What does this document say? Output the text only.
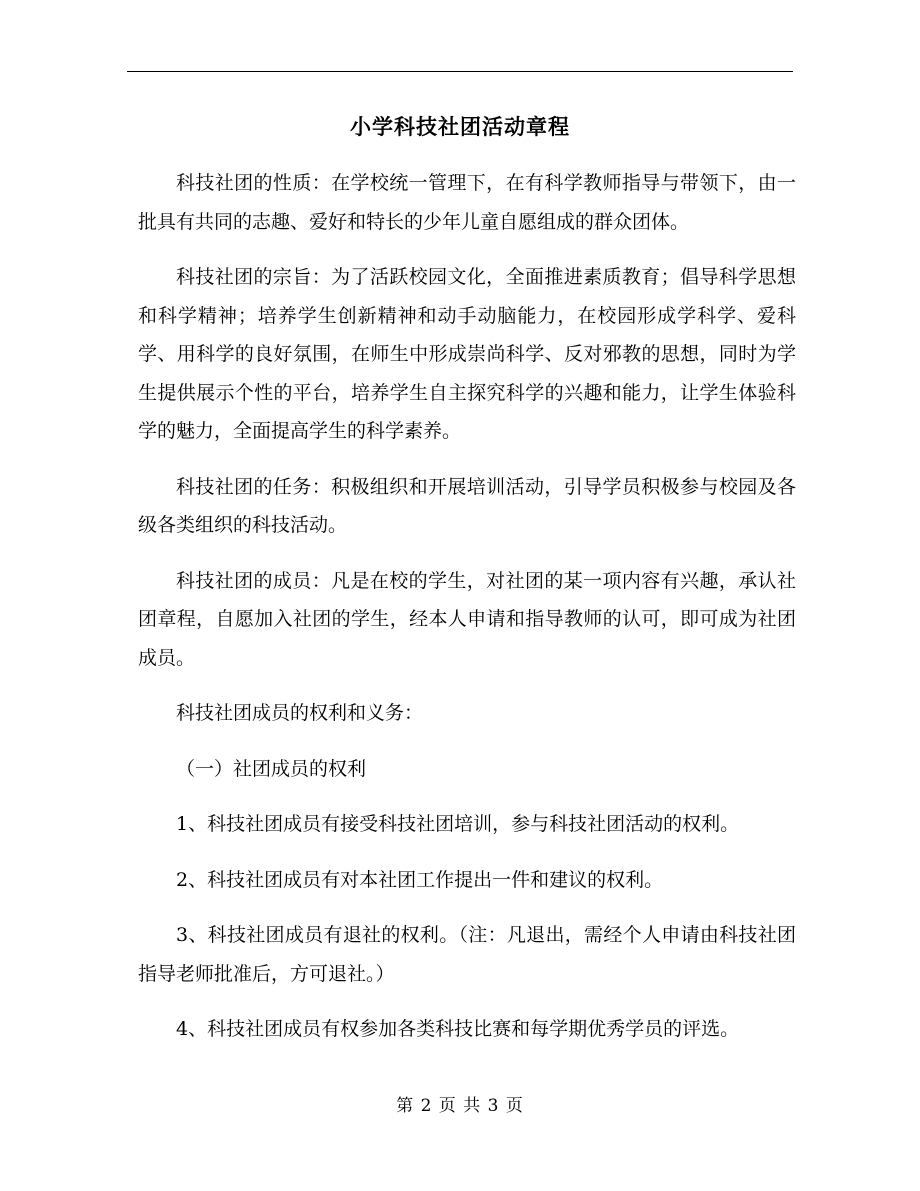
小学科技社团活动章程

科技社团的性质：在学校统一管理下，在有科学教师指导与带领下，由一批具有共同的志趣、爱好和特长的少年儿童自愿组成的群众团体。

科技社团的宗旨：为了活跃校园文化，全面推进素质教育；倡导科学思想和科学精神；培养学生创新精神和动手动脑能力，在校园形成学科学、爱科学、用科学的良好氛围，在师生中形成崇尚科学、反对邪教的思想，同时为学生提供展示个性的平台，培养学生自主探究科学的兴趣和能力，让学生体验科学的魅力，全面提高学生的科学素养。

科技社团的任务：积极组织和开展培训活动，引导学员积极参与校园及各级各类组织的科技活动。

科技社团的成员：凡是在校的学生，对社团的某一项内容有兴趣，承认社团章程，自愿加入社团的学生，经本人申请和指导教师的认可，即可成为社团成员。

科技社团成员的权利和义务：

（一）社团成员的权利

1、科技社团成员有接受科技社团培训，参与科技社团活动的权利。

2、科技社团成员有对本社团工作提出一件和建议的权利。

3、科技社团成员有退社的权利。（注：凡退出，需经个人申请由科技社团指导老师批准后，方可退社。）

4、科技社团成员有权参加各类科技比赛和每学期优秀学员的评选。

第 2 页 共 3 页
